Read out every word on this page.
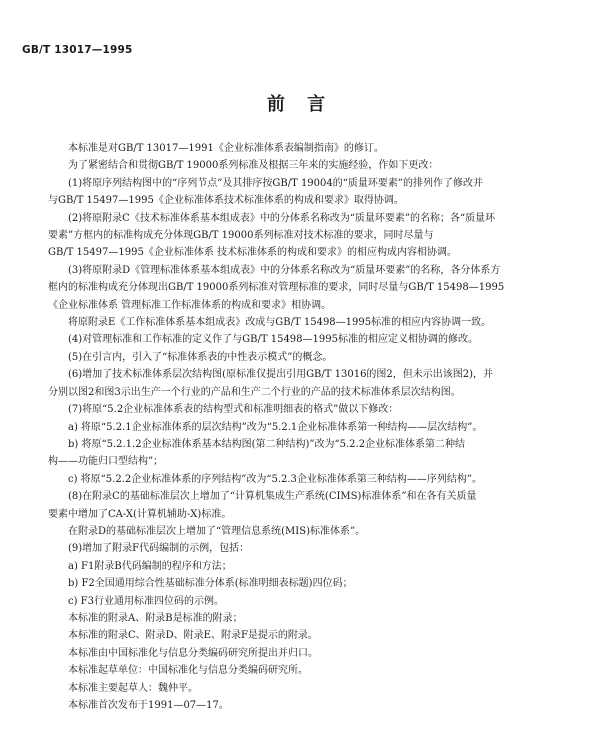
GB/T 13017—1995
前 言

本标准是对GB/T 13017—1991《企业标准体系表编制指南》的修订。

为了紧密结合和贯彻GB/T 19000系列标准及根据三年来的实施经验，作如下更改：

(1)将原序列结构图中的“序列节点”及其排序按GB/T 19004的“质量环要素”的排列作了修改并

与GB/T 15497—1995《企业标准体系技术标准体系的构成和要求》取得协调。

(2)将原附录C《技术标准体系基本组成表》中的分体系名称改为“质量环要素”的名称；各“质量环

要素”方框内的标准构成充分体现GB/T 19000系列标准对技术标准的要求，同时尽量与

GB/T 15497—1995《企业标准体系 技术标准体系的构成和要求》的相应构成内容相协调。

(3)将原附录D《管理标准体系基本组成表》中的分体系名称改为“质量环要素”的名称，各分体系方

框内的标准构成充分体现出GB/T 19000系列标准对管理标准的要求，同时尽量与GB/T 15498—1995

《企业标准体系 管理标准工作标准体系的构成和要求》相协调。

将原附录E《工作标准体系基本组成表》改成与GB/T 15498—1995标准的相应内容协调一致。

(4)对管理标准和工作标准的定义作了与GB/T 15498—1995标准的相应定义相协调的修改。

(5)在引言内，引入了“标准体系表的中性表示模式”的概念。

(6)增加了技术标准体系层次结构图(原标准仅提出引用GB/T 13016的图2，但未示出该图2)，并

分别以图2和图3示出生产一个行业的产品和生产二个行业的产品的技术标准体系层次结构图。

(7)将原“5.2企业标准体系表的结构型式和标准明细表的格式”做以下修改：

a) 将原“5.2.1企业标准体系的层次结构”改为“5.2.1企业标准体系第一种结构——层次结构”。

b) 将原“5.2.1.2企业标准体系基本结构图(第二种结构)”改为“5.2.2企业标准体系第二种结

构——功能归口型结构”；

c) 将原“5.2.2企业标准体系的序列结构”改为“5.2.3企业标准体系第三种结构——序列结构”。

(8)在附录C的基础标准层次上增加了“计算机集成生产系统(CIMS)标准体系”和在各有关质量

要素中增加了CA-X(计算机辅助-X)标准。

在附录D的基础标准层次上增加了“管理信息系统(MIS)标准体系”。

(9)增加了附录F代码编制的示例，包括：

a) F1附录B代码编制的程序和方法；

b) F2全国通用综合性基础标准分体系(标准明细表标题)四位码；

c) F3行业通用标准四位码的示例。

本标准的附录A、附录B是标准的附录；

本标准的附录C、附录D、附录E、附录F是提示的附录。

本标准由中国标准化与信息分类编码研究所提出并归口。

本标准起草单位：中国标准化与信息分类编码研究所。

本标准主要起草人：魏仲平。

本标准首次发布于1991—07—17。
